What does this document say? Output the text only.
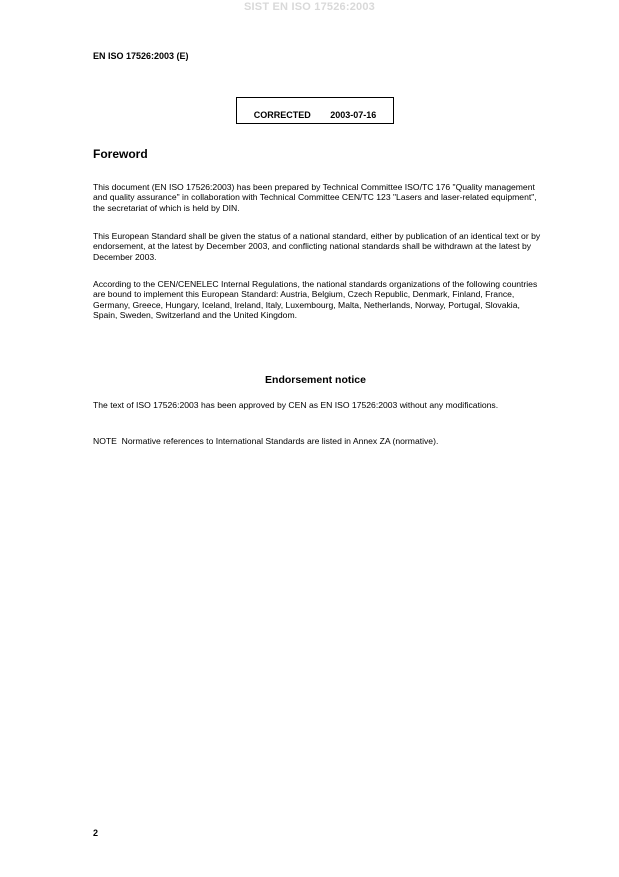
SIST EN ISO 17526:2003
EN ISO 17526:2003 (E)
CORRECTED   2003-07-16
Foreword

This document (EN ISO 17526:2003) has been prepared by Technical Committee ISO/TC 176 "Quality management and quality assurance" in collaboration with Technical Committee CEN/TC 123 "Lasers and laser-related equipment", the secretariat of which is held by DIN.

This European Standard shall be given the status of a national standard, either by publication of an identical text or by endorsement, at the latest by December 2003, and conflicting national standards shall be withdrawn at the latest by December 2003.

According to the CEN/CENELEC Internal Regulations, the national standards organizations of the following countries are bound to implement this European Standard: Austria, Belgium, Czech Republic, Denmark, Finland, France, Germany, Greece, Hungary, Iceland, Ireland, Italy, Luxembourg, Malta, Netherlands, Norway, Portugal, Slovakia, Spain, Sweden, Switzerland and the United Kingdom.

Endorsement notice

The text of ISO 17526:2003 has been approved by CEN as EN ISO 17526:2003 without any modifications.

NOTE  Normative references to International Standards are listed in Annex ZA (normative).

2
